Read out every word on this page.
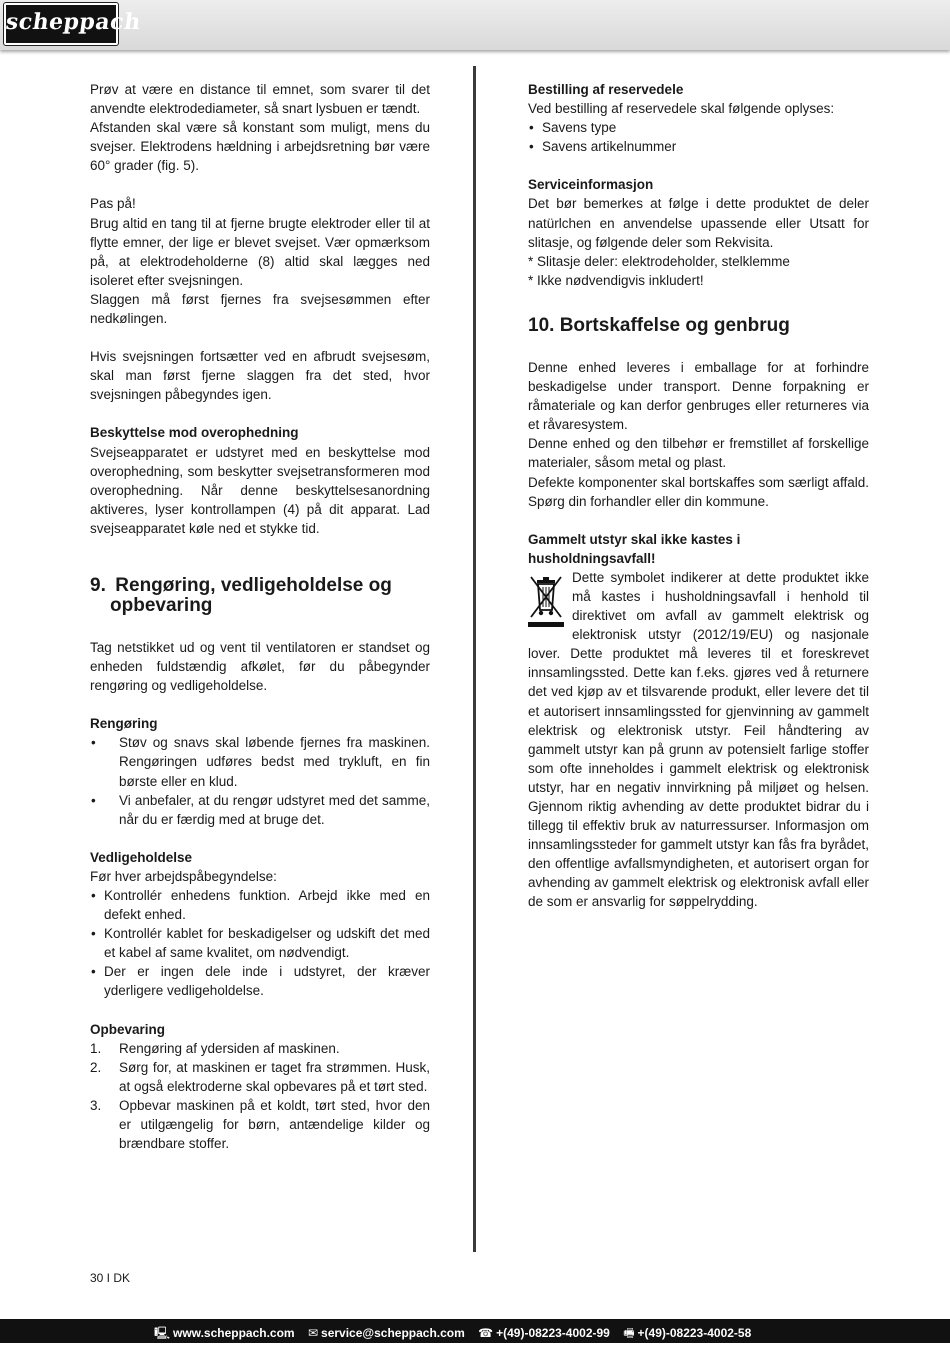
scheppach

Prøv at være en distance til emnet, som svarer til det anvendte elektrodediameter, så snart lysbuen er tændt.

Afstanden skal være så konstant som muligt, mens du svejser. Elektrodens hældning i arbejdsretning bør være 60° grader (fig. 5).

Pas på!

Brug altid en tang til at fjerne brugte elektroder eller til at flytte emner, der lige er blevet svejset. Vær opmærksom på, at elektrodeholderne (8) altid skal lægges ned isoleret efter svejsningen.

Slaggen må først fjernes fra svejsesømmen efter nedkølingen.

Hvis svejsningen fortsætter ved en afbrudt svejsesøm, skal man først fjerne slaggen fra det sted, hvor svejsningen påbegyndes igen.

Beskyttelse mod overophedning

Svejseapparatet er udstyret med en beskyttelse mod overophedning, som beskytter svejsetransformeren mod overophedning. Når denne beskyttelsesanordning aktiveres, lyser kontrollampen (4) på dit apparat. Lad svejseapparatet køle ned et stykke tid.

9. Rengøring, vedligeholdelse og
opbevaring

Tag netstikket ud og vent til ventilatoren er standset og enheden fuldstændig afkølet, før du påbegynder rengøring og vedligeholdelse.

Rengøring

• Støv og snavs skal løbende fjernes fra maskinen. Rengøringen udføres bedst med trykluft, en fin børste eller en klud.
• Vi anbefaler, at du rengør udstyret med det samme, når du er færdig med at bruge det.

Vedligeholdelse

Før hver arbejdspåbegyndelse:

• Kontrollér enhedens funktion. Arbejd ikke med en defekt enhed.
• Kontrollér kablet for beskadigelser og udskift det med et kabel af same kvalitet, om nødvendigt.
• Der er ingen dele inde i udstyret, der kræver yderligere vedligeholdelse.

Opbevaring

1. Rengøring af ydersiden af maskinen.
2. Sørg for, at maskinen er taget fra strømmen. Husk, at også elektroderne skal opbevares på et tørt sted.
3. Opbevar maskinen på et koldt, tørt sted, hvor den er utilgængelig for børn, antændelige kilder og brændbare stoffer.

Bestilling af reservedele

Ved bestilling af reservedele skal følgende oplyses:

• Savens type
• Savens artikelnummer

Serviceinformasjon

Det bør bemerkes at følge i dette produktet de deler natürlchen en anvendelse upassende eller Utsatt for slitasje, og følgende deler som Rekvisita.

* Slitasje deler: elektrodeholder, stelklemme

* Ikke nødvendigvis inkludert!

10. Bortskaffelse og genbrug

Denne enhed leveres i emballage for at forhindre beskadigelse under transport. Denne forpakning er råmateriale og kan derfor genbruges eller returneres via et råvaresystem.

Denne enhed og den tilbehør er fremstillet af forskellige materialer, såsom metal og plast.

Defekte komponenter skal bortskaffes som særligt affald. Spørg din forhandler eller din kommune.

Gammelt utstyr skal ikke kastes i husholdningsavfall!

Dette symbolet indikerer at dette produktet ikke må kastes i husholdningsavfall i henhold til direktivet om avfall av gammelt elektrisk og elektronisk utstyr (2012/19/EU) og nasjonale lover. Dette produktet må leveres til et foreskrevet innsamlingssted. Dette kan f.eks. gjøres ved å returnere det ved kjøp av et tilsvarende produkt, eller levere det til et autorisert innsamlingssted for gjenvinning av gammelt elektrisk og elektronisk utstyr. Feil håndtering av gammelt utstyr kan på grunn av potensielt farlige stoffer som ofte inneholdes i gammelt elektrisk og elektronisk utstyr, har en negativ innvirkning på miljøet og helsen. Gjennom riktig avhending av dette produktet bidrar du i tillegg til effektiv bruk av naturressurser. Informasjon om innsamlingssteder for gammelt utstyr kan fås fra byrådet, den offentlige avfallsmyndigheten, et autorisert organ for avhending av gammelt elektrisk og elektronisk avfall eller de som er ansvarlig for søppelrydding.

30 I DK
🖳 www.scheppach.com ✉ service@scheppach.com ☎ +(49)-08223-4002-99 🖷 +(49)-08223-4002-58
